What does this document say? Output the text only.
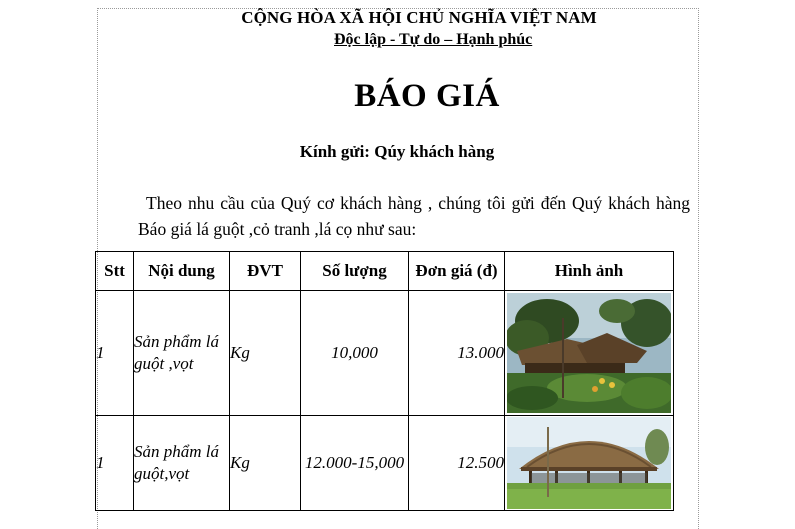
CỘNG HÒA XÃ HỘI CHỦ NGHĨA VIỆT NAM
Độc lập - Tự do – Hạnh phúc
BÁO GIÁ
Kính gửi: Qúy khách hàng
Theo nhu cầu của Quý cơ khách hàng , chúng tôi gửi đến Quý khách hàng Báo giá lá guột ,cỏ tranh ,lá cọ như sau:
Stt	Nội dung	ĐVT	Số lượng	Đơn giá (đ)	Hình ảnh
1	Sản phẩm lá guột ,vọt	Kg	10,000	13.000	

1	Sản phẩm lá guột,vọt	Kg	12.000-15,000	12.500	
